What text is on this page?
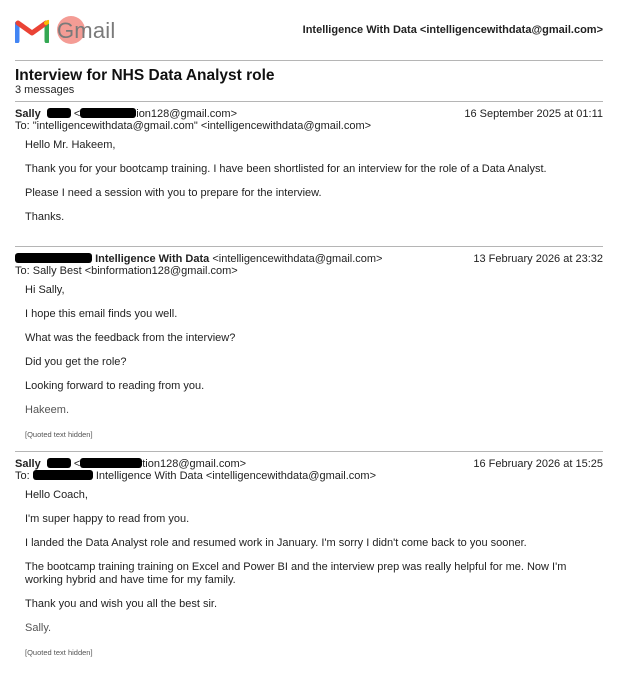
Gmail	Intelligence With Data <intelligencewithdata@gmail.com>
Interview for NHS Data Analyst role
3 messages
Sally	<	ion128@gmail.com>	16 September 2025 at 01:11
To: "intelligencewithdata@gmail.com" <intelligencewithdata@gmail.com>

Hello Mr. Hakeem,

Thank you for your bootcamp training. I have been shortlisted for an interview for the role of a Data Analyst.

Please I need a session with you to prepare for the interview.

Thanks.

Intelligence With Data <intelligencewithdata@gmail.com>	13 February 2026 at 23:32
To: Sally Best <binformation128@gmail.com>

Hi Sally,

I hope this email finds you well.

What was the feedback from the interview?

Did you get the role?

Looking forward to reading from you.

Hakeem.

[Quoted text hidden]

Sally	<	tion128@gmail.com>	16 February 2026 at 15:25
To:	Intelligence With Data <intelligencewithdata@gmail.com>

Hello Coach,

I'm super happy to read from you.

I landed the Data Analyst role and resumed work in January. I'm sorry I didn't come back to you sooner.

The bootcamp training training on Excel and Power BI and the interview prep was really helpful for me. Now I'm working hybrid and have time for my family.

Thank you and wish you all the best sir.

Sally.

[Quoted text hidden]
